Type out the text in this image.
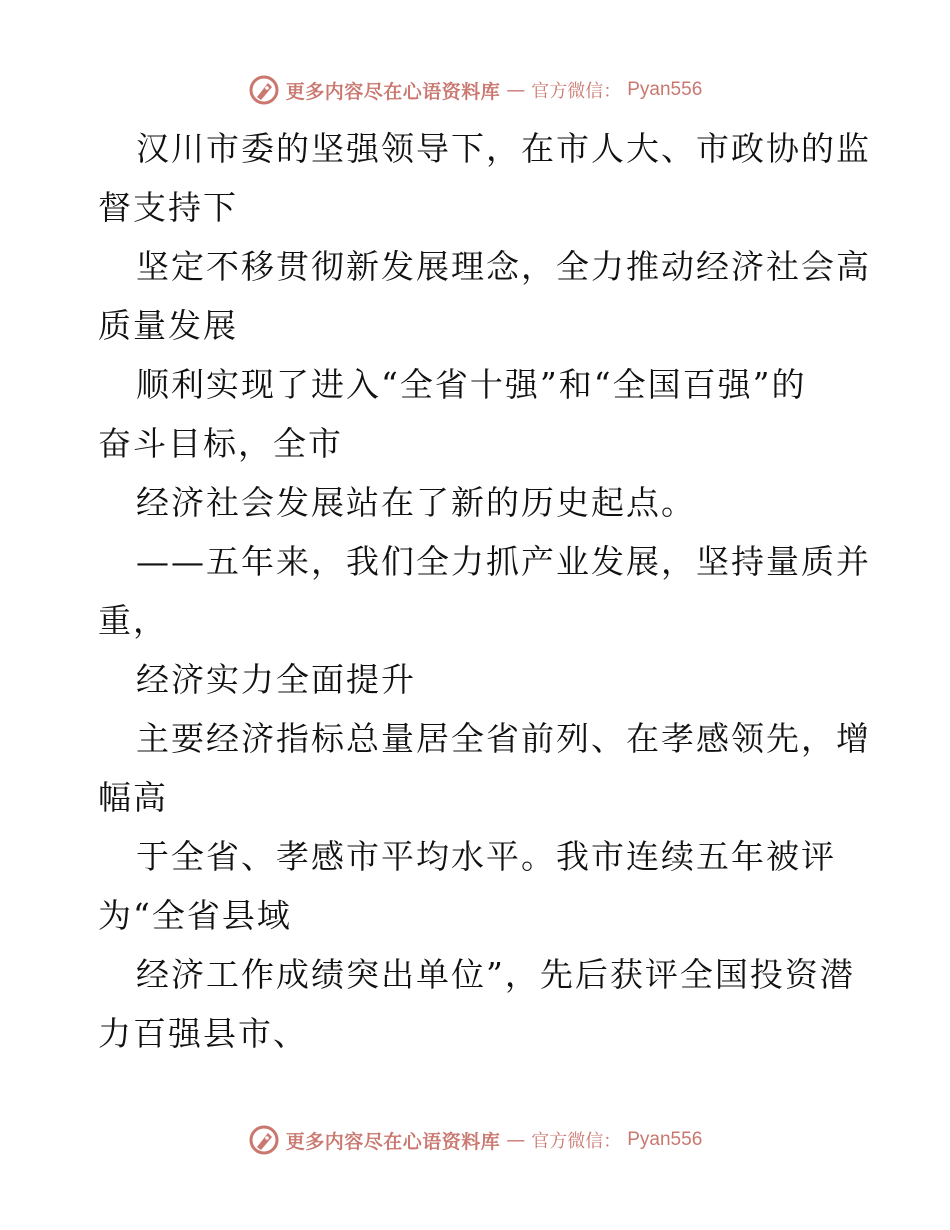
更多内容尽在心语资料库 — 官方微信： Pyan556

汉川市委的坚强领导下，在市人大、市政协的监
督支持下

坚定不移贯彻新发展理念，全力推动经济社会高
质量发展

顺利实现了进入“全省十强”和“全国百强”的
奋斗目标，全市

经济社会发展站在了新的历史起点。

——五年来，我们全力抓产业发展，坚持量质并
重，

经济实力全面提升

主要经济指标总量居全省前列、在孝感领先，增
幅高

于全省、孝感市平均水平。我市连续五年被评
为“全省县域

经济工作成绩突出单位”，先后获评全国投资潜
力百强县市、

更多内容尽在心语资料库 — 官方微信： Pyan556
